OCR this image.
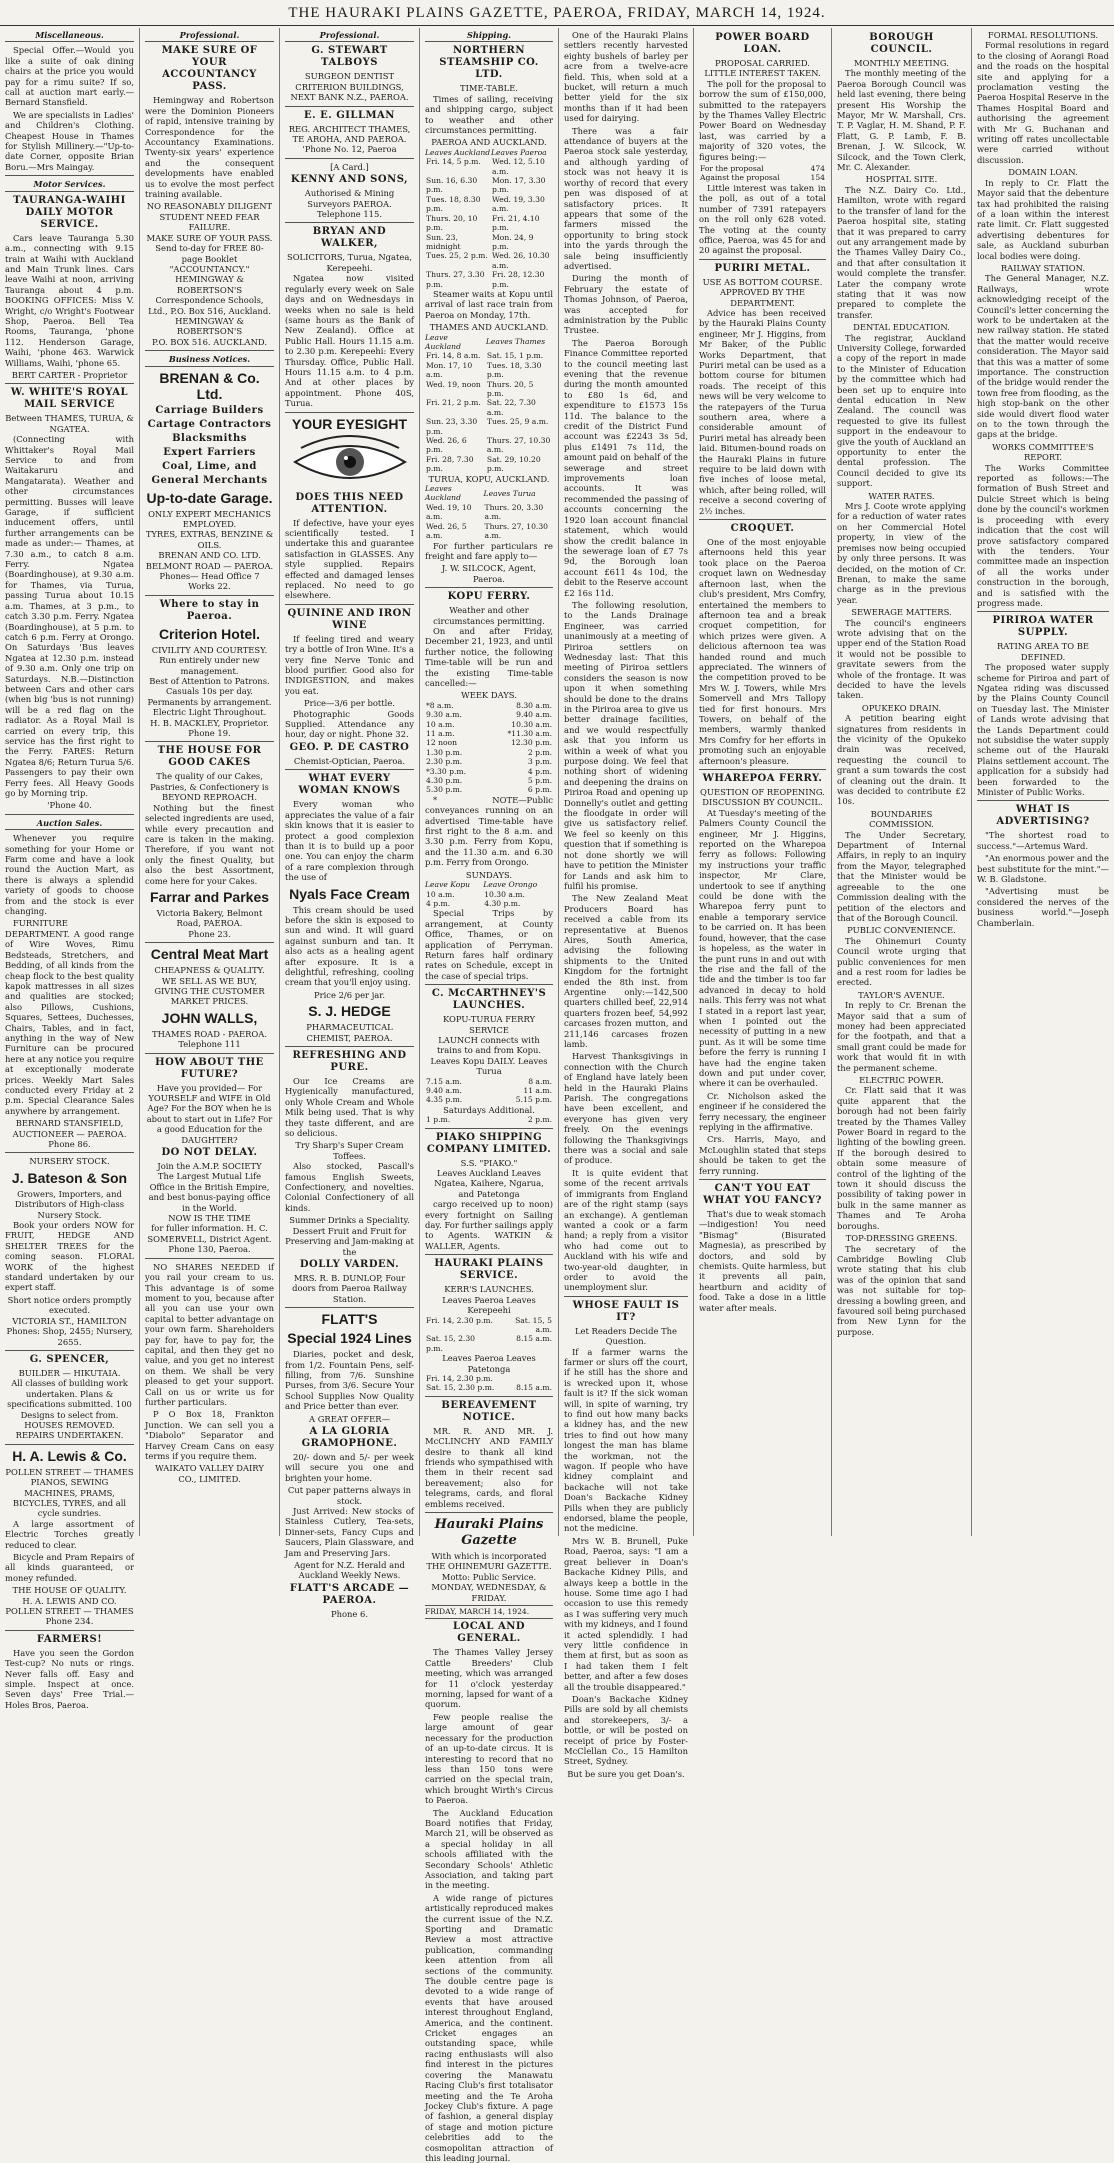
THE HAURAKI PLAINS GAZETTE, PAEROA, FRIDAY, MARCH 14, 1924.
Miscellaneous.
Special Offer.—Would you like a suite of oak dining chairs at the price you would pay for a rimu suite? If so, call at auction mart early.—Bernard Stansfield.
We are specialists in Ladies' and Children's Clothing. Cheapest House in Thames for Stylish Millinery.—"Up-to-date Corner, opposite Brian Boru.—Mrs Maingay.
Motor Services.
TAURANGA-WAIHI DAILY MOTOR SERVICE.
Cars leave Tauranga 5.30 a.m., connecting with 9.15 train at Waihi with Auckland and Main Trunk lines. Cars leave Waihi at noon, arriving Tauranga about 4 p.m. BOOKING OFFICES: Miss V. Wright, c/o Wright's Footwear Shop, Paeroa. Bell Tea Rooms, Tauranga, 'phone 112. Henderson Garage, Waihi, 'phone 463. Warwick Williams, Waihi, 'phone 65.
BERT CARTER - Proprietor
W. WHITE'S ROYAL MAIL SERVICE
Between THAMES, TURUA, & NGATEA.
(Connecting with Whittaker's Royal Mail Service to and from Waitakaruru and Mangatarata). Weather and other circumstances permitting. Busses will leave Garage, if sufficient inducement offers, until further arrangements can be made as under:— Thames, at 7.30 a.m., to catch 8 a.m. Ferry. Ngatea (Boardinghouse), at 9.30 a.m. for Thames, via Turua, passing Turua about 10.15 a.m. Thames, at 3 p.m., to catch 3.30 p.m. Ferry. Ngatea (Boardinghouse), at 5 p.m. to catch 6 p.m. Ferry at Orongo. On Saturdays 'Bus leaves Ngatea at 12.30 p.m. instead of 9.30 a.m. Only one trip on Saturdays. N.B.—Distinction between Cars and other cars (when big 'bus is not running) will be a red flag on the radiator. As a Royal Mail is carried on every trip, this service has the first right to the Ferry. FARES: Return Ngatea 8/6; Return Turua 5/6. Passengers to pay their own Ferry fees. All Heavy Goods go by Morning trip.
'Phone 40.
Auction Sales.
Whenever you require something for your Home or Farm come and have a look round the Auction Mart, as there is always a splendid variety of goods to choose from and the stock is ever changing.
FURNITURE DEPARTMENT. A good range of Wire Woves, Rimu Bedsteads, Stretchers, and Bedding, of all kinds from the cheap flock to the best quality kapok mattresses in all sizes and qualities are stocked; also Pillows, Cushions, Squares, Settees, Duchesses, Chairs, Tables, and in fact, anything in the way of New Furniture can be procured here at any notice you require at exceptionally moderate prices. Weekly Mart Sales conducted every Friday at 2 p.m. Special Clearance Sales anywhere by arrangement.
BERNARD STANSFIELD,
AUCTIONEER — PAEROA.
Phone 86.
NURSERY STOCK.
J. Bateson & Son
Growers, Importers, and Distributors of High-class Nursery Stock.
Book your orders NOW for FRUIT, HEDGE AND SHELTER TREES for the coming season. FLORAL WORK of the highest standard undertaken by our expert staff.
Short notice orders promptly executed.
VICTORIA ST., HAMILTON
Phones: Shop, 2455; Nursery, 2655.
G. SPENCER,
BUILDER — HIKUTAIA.
All classes of building work undertaken. Plans & specifications submitted. 100 Designs to select from. HOUSES REMOVED. REPAIRS UNDERTAKEN.
H. A. Lewis & Co.
POLLEN STREET — THAMES
PIANOS, SEWING MACHINES, PRAMS, BICYCLES, TYRES, and all cycle sundries.
A large assortment of Electric Torches greatly reduced to clear.
Bicycle and Pram Repairs of all kinds guaranteed, or money refunded.
THE HOUSE OF QUALITY.
H. A. LEWIS AND CO.
POLLEN STREET — THAMES
Phone 234.
FARMERS!
Have you seen the Gordon Test-cup? No nuts or rings. Never falls off. Easy and simple. Inspect at once. Seven days' Free Trial.—Holes Bros, Paeroa.
Professional.
MAKE SURE OF YOUR ACCOUNTANCY PASS.
Hemingway and Robertson were the Dominion Pioneers of rapid, intensive training by Correspondence for the Accountancy Examinations. Twenty-six years' experience and the consequent developments have enabled us to evolve the most perfect training available.
NO REASONABLY DILIGENT STUDENT NEED FEAR FAILURE.
MAKE SURE OF YOUR PASS.
Send to-day for FREE 80-page Booklet "ACCOUNTANCY."
HEMINGWAY & ROBERTSON'S
Correspondence Schools, Ltd., P.O. Box 516, Auckland.
HEMINGWAY & ROBERTSON'S
P.O. BOX 516. AUCKLAND.
Business Notices.
BRENAN & Co. Ltd.
Carriage Builders
Cartage Contractors
Blacksmiths
Expert Farriers
Coal, Lime, and
General Merchants
Up-to-date Garage.
ONLY EXPERT MECHANICS EMPLOYED.
TYRES, EXTRAS, BENZINE & OILS.
BRENAN AND CO. LTD.
BELMONT ROAD — PAEROA.
Phones— Head Office 7 Works 22.
Where to stay in Paeroa.
Criterion Hotel.
CIVILITY AND COURTESY.
Run entirely under new management.
Best of Attention to Patrons.
Casuals 10s per day. Permanents by arrangement. Electric Light Throughout.
H. B. MACKLEY, Proprietor. Phone 19.
THE HOUSE FOR GOOD CAKES
The quality of our Cakes, Pastries, & Confectionery is BEYOND REPROACH.
Nothing but the finest selected ingredients are used, while every precaution and care is taken in the making. Therefore, if you want not only the finest Quality, but also the best Assortment, come here for your Cakes.
Farrar and Parkes
Victoria Bakery, Belmont Road, PAEROA.
Phone 23.
Central Meat Mart
CHEAPNESS & QUALITY.
WE SELL AS WE BUY, GIVING THE CUSTOMER MARKET PRICES.
JOHN WALLS,
THAMES ROAD - PAEROA. Telephone 111
HOW ABOUT THE FUTURE?
Have you provided— For YOURSELF and WIFE in Old Age? For the BOY when he is about to start out in Life? For a good Education for the DAUGHTER?
DO NOT DELAY.
Join the A.M.P. SOCIETY
The Largest Mutual Life Office in the British Empire, and best bonus-paying office in the World.
NOW IS THE TIME
for fuller information. H. C. SOMERVELL, District Agent. Phone 130, Paeroa.
NO SHARES NEEDED if you rail your cream to us. This advantage is of some moment to you, because after all you can use your own capital to better advantage on your own farm. Shareholders pay for, have to pay for, the capital, and then they get no value, and you get no interest on them. We shall be very pleased to get your support. Call on us or write us for further particulars.
P O Box 18, Frankton Junction. We can sell you a "Diabolo" Separator and Harvey Cream Cans on easy terms if you require them.
WAIKATO VALLEY DAIRY CO., LIMITED.
Professional.
G. STEWART TALBOYS
SURGEON DENTIST
CRITERION BUILDINGS, NEXT BANK N.Z., PAEROA.
E. E. GILLMAN
REG. ARCHITECT THAMES, TE AROHA, AND PAEROA. 'Phone No. 12, Paeroa
[A Card.]
KENNY AND SONS,
Authorised & Mining Surveyors PAEROA. Telephone 115.
BRYAN AND WALKER,
SOLICITORS, Turua, Ngatea, Kerepeehi.
Ngatea now visited regularly every week on Sale days and on Wednesdays in weeks when no sale is held (same hours as the Bank of New Zealand). Office at Public Hall. Hours 11.15 a.m. to 2.30 p.m. Kerepeehi: Every Thursday. Office, Public Hall. Hours 11.15 a.m. to 4 p.m. And at other places by appointment. Phone 40S, Turua.
YOUR EYESIGHT
DOES THIS NEED ATTENTION.
If defective, have your eyes scientifically tested. I undertake this and guarantee satisfaction in GLASSES. Any style supplied. Repairs effected and damaged lenses replaced. No need to go elsewhere.
QUININE AND IRON WINE
If feeling tired and weary try a bottle of Iron Wine. It's a very fine Nerve Tonic and blood purifier. Good also for INDIGESTION, and makes you eat.
Price—3/6 per bottle.
Photographic Goods Supplied. Attendance any hour, day or night. Phone 32.
GEO. P. DE CASTRO
Chemist-Optician, Paeroa.
WHAT EVERY WOMAN KNOWS
Every woman who appreciates the value of a fair skin knows that it is easier to protect a good complexion than it is to build up a poor one. You can enjoy the charm of a rare complexion through the use of
Nyals Face Cream
This cream should be used before the skin is exposed to sun and wind. It will guard against sunburn and tan. It also acts as a healing agent after exposure. It is a delightful, refreshing, cooling cream that you'll enjoy using.
Price 2/6 per jar.
S. J. HEDGE
PHARMACEUTICAL CHEMIST, PAEROA.
REFRESHING AND PURE.
Our Ice Creams are Hygienically manufactured, only Whole Cream and Whole Milk being used. That is why they taste different, and are so delicious.
Try Sharp's Super Cream Toffees.
Also stocked, Pascall's famous English Sweets, Confectionery, and novelties. Colonial Confectionery of all kinds.
Summer Drinks a Speciality.
Dessert Fruit and Fruit for Preserving and Jam-making at the
DOLLY VARDEN.
MRS. R. B. DUNLOP, Four doors from Paeroa Railway Station.
FLATT'S
Special 1924 Lines
Diaries, pocket and desk, from 1/2. Fountain Pens, self-filling, from 7/6. Sunshine Purses, from 3/6. Secure Your School Supplies Now Quality and Price better than ever.
A GREAT OFFER—
A LA GLORIA GRAMOPHONE.
20/- down and 5/- per week will secure you one and brighten your home.
Cut paper patterns always in stock.
Just Arrived: New stocks of Stainless Cutlery, Tea-sets, Dinner-sets, Fancy Cups and Saucers, Plain Glassware, and Jam and Preserving Jars.
Agent for N.Z. Herald and Auckland Weekly News.
FLATT'S ARCADE — PAEROA.
Phone 6.
Shipping.
NORTHERN STEAMSHIP CO. LTD.
TIME-TABLE.
Times of sailing, receiving and shipping cargo, subject to weather and other circumstances permitting.
PAEROA AND AUCKLAND.
Leaves Auckland	Leaves Paeroa
Fri. 14, 5 p.m.	Wed. 12, 5.10 a.m.
Sun. 16, 6.30 p.m.	Mon. 17, 3.30 p.m.
Tues. 18, 8.30 p.m.	Wed. 19, 3.30 a.m.
Thurs. 20, 10 p.m.	Fri. 21, 4.10 p.m.
Sun. 23, midnight	Mon. 24, 9 p.m.
Tues. 25, 2 p.m.	Wed. 26, 10.30 a.m.
Thurs. 27, 3.30 p.m.	Fri. 28, 12.30 p.m.
Steamer waits at Kopu until arrival of last race train from Paeroa on Monday, 17th.
THAMES AND AUCKLAND.
Leave Auckland	Leaves Thames
Fri. 14, 8 a.m.	Sat. 15, 1 p.m.
Mon. 17, 10 a.m.	Tues. 18, 3.30 p.m.
Wed. 19, noon	Thurs. 20, 5 p.m.
Fri. 21, 2 p.m.	Sat. 22, 7.30 a.m.
Sun. 23, 3.30 p.m.	Tues. 25, 9 a.m.
Wed. 26, 6 p.m.	Thurs. 27, 10.30 a.m.
Fri. 28, 7.30 p.m.	Sat. 29, 10.20 p.m.
TURUA, KOPU, AUCKLAND.
Leaves Auckland	Leaves Turua
Wed. 19, 10 a.m.	Thurs. 20, 3.30 a.m.
Wed. 26, 5 a.m.	Thurs. 27, 10.30 a.m.
For further particulars re freight and fare apply to—
J. W. SILCOCK, Agent, Paeroa.
KOPU FERRY.
Weather and other circumstances permitting.
On and after Friday, December 21, 1923, and until further notice, the following Time-table will be run and the existing Time-table cancelled:—
WEEK DAYS.
*8 a.m.	8.30 a.m.
9.30 a.m.	9.40 a.m.
10 a.m.	10.30 a.m.
11 a.m.	*11.30 a.m.
12 noon	12.30 p.m.
1.30 p.m.	2 p.m.
2.30 p.m.	3 p.m.
*3.30 p.m.	4 p.m.
4.30 p.m.	5 p.m.
5.30 p.m.	6 p.m.
* NOTE—Public conveyances running on an advertised Time-table have first right to the 8 a.m. and 3.30 p.m. Ferry from Kopu, and the 11.30 a.m. and 6.30 p.m. Ferry from Orongo.
SUNDAYS.
Leave Kopu	Leave Orongo
10 a.m.	10.30 a.m.
4 p.m.	4.30 p.m.
Special Trips by arrangement, at County Office, Thames, or on application of Perryman. Return fares half ordinary rates on Schedule, except in the case of special trips.
C. McCARTHNEY'S LAUNCHES.
KOPU-TURUA FERRY SERVICE
LAUNCH connects with trains to and from Kopu.
Leaves Kopu DAILY. Leaves Turua
7.15 a.m.	8 a.m.
9.40 a.m.	11 a.m.
4.35 p.m.	5.15 p.m.
Saturdays Additional.
1 p.m.	2 p.m.
PIAKO SHIPPING COMPANY LIMITED.
S.S. "PIAKO."
Leaves Auckland Leaves Ngatea, Kaihere, Ngarua, and Patetonga
cargo received up to noon) every fortnight on Sailing day. For further sailings apply to Agents. WATKIN & WALLER, Agents.
HAURAKI PLAINS SERVICE.
KERR'S LAUNCHES.
Leaves Paeroa Leaves Kerepeehi
Fri. 14, 2.30 p.m.	Sat. 15, 5 a.m.
Sat. 15, 2.30 p.m.	8.15 a.m.
Leaves Paeroa Leaves Patetonga
Fri. 14, 2.30 p.m.	
Sat. 15, 2.30 p.m.	8.15 a.m.
BEREAVEMENT NOTICE.
MR. R. AND MR. J. McCLINCHY AND FAMILY desire to thank all kind friends who sympathised with them in their recent sad bereavement; also for telegrams, cards, and floral emblems received.
Hauraki Plains Gazette
With which is incorporated THE OHINEMURI GAZETTE.
Motto: Public Service.
MONDAY, WEDNESDAY, & FRIDAY.
FRIDAY, MARCH 14, 1924.
LOCAL AND GENERAL.
The Thames Valley Jersey Cattle Breeders' Club meeting, which was arranged for 11 o'clock yesterday morning, lapsed for want of a quorum.
Few people realise the large amount of gear necessary for the production of an up-to-date circus. It is interesting to record that no less than 150 tons were carried on the special train, which brought Wirth's Circus to Paeroa.
The Auckland Education Board notifies that Friday, March 21, will be observed as a special holiday in all schools affiliated with the Secondary Schools' Athletic Association, and taking part in the meeting.
A wide range of pictures artistically reproduced makes the current issue of the N.Z. Sporting and Dramatic Review a most attractive publication, commanding keen attention from all sections of the community. The double centre page is devoted to a wide range of events that have aroused interest throughout England, America, and the continent. Cricket engages an outstanding space, while racing enthusiasts will also find interest in the pictures covering the Manawatu Racing Club's first totalisator meeting and the Te Aroha Jockey Club's fixture. A page of fashion, a general display of stage and motion picture celebrities add to the cosmopolitan attraction of this leading journal.
One of the Hauraki Plains settlers recently harvested eighty bushels of barley per acre from a twelve-acre field. This, when sold at a bucket, will return a much better yield for the six months than if it had been used for dairying.
There was a fair attendance of buyers at the Paeroa stock sale yesterday, and although yarding of stock was not heavy it is worthy of record that every pen was disposed of at satisfactory prices. It appears that some of the farmers missed the opportunity to bring stock into the yards through the sale being insufficiently advertised.
During the month of February the estate of Thomas Johnson, of Paeroa, was accepted for administration by the Public Trustee.
The Paeroa Borough Finance Committee reported to the council meeting last evening that the revenue during the month amounted to £80 1s 6d, and expenditure to £1573 15s 11d. The balance to the credit of the District Fund account was £2243 3s 5d, plus £1491 7s 11d, the amount paid on behalf of the sewerage and street improvements loan accounts. It was recommended the passing of accounts concerning the 1920 loan account financial statement, which would show the credit balance in the sewerage loan of £7 7s 9d, the Borough loan account £611 4s 10d, the debit to the Reserve account £2 16s 11d.
The following resolution, to the Lands Drainage Engineer, was carried unanimously at a meeting of Piriroa settlers on Wednesday last: That this meeting of Piriroa settlers considers the season is now upon it when something should be done to the drains in the Piriroa area to give us better drainage facilities, and we would respectfully ask that you inform us within a week of what you purpose doing. We feel that nothing short of widening and deepening the drains on Piriroa Road and opening up Donnelly's outlet and getting the floodgate in order will give us satisfactory relief. We feel so keenly on this question that if something is not done shortly we will have to petition the Minister for Lands and ask him to fulfil his promise.
The New Zealand Meat Producers Board has received a cable from its representative at Buenos Aires, South America, advising the following shipments to the United Kingdom for the fortnight ended the 8th inst. from Argentine only:—142,500 quarters chilled beef, 22,914 quarters frozen beef, 54,992 carcases frozen mutton, and 211,146 carcases frozen lamb.
Harvest Thanksgivings in connection with the Church of England have lately been held in the Hauraki Plains Parish. The congregations have been excellent, and everyone has given very freely. On the evenings following the Thanksgivings there was a social and sale of produce.
It is quite evident that some of the recent arrivals of immigrants from England are of the right stamp (says an exchange). A gentleman wanted a cook or a farm hand; a reply from a visitor who had come out to Auckland with his wife and two-year-old daughter, in order to avoid the unemployment slur.
WHOSE FAULT IS IT?
Let Readers Decide The Question.
If a farmer warns the farmer or slurs off the court, if he still has the shore and is wrecked upon it, whose fault is it? If the sick woman will, in spite of warning, try to find out how many backs a kidney has, and the new tries to find out how many longest the man has blame the workman, not the wagon. If people who have kidney complaint and backache will not take Doan's Backache Kidney Pills when they are publicly endorsed, blame the people, not the medicine.
Mrs W. B. Brunell, Puke Road, Paeroa, says: "I am a great believer in Doan's Backache Kidney Pills, and always keep a bottle in the house. Some time ago I had occasion to use this remedy as I was suffering very much with my kidneys, and I found it acted splendidly. I had very little confidence in them at first, but as soon as I had taken them I felt better, and after a few doses all the trouble disappeared."
Doan's Backache Kidney Pills are sold by all chemists and storekeepers, 3/- a bottle, or will be posted on receipt of price by Foster-McClellan Co., 15 Hamilton Street, Sydney.
But be sure you get Doan's.
POWER BOARD LOAN.
PROPOSAL CARRIED.
LITTLE INTEREST TAKEN.
The poll for the proposal to borrow the sum of £150,000, submitted to the ratepayers by the Thames Valley Electric Power Board on Wednesday last, was carried by a majority of 320 votes, the figures being:—
For the proposal	474
Against the proposal	154
Little interest was taken in the poll, as out of a total number of 7391 ratepayers on the roll only 628 voted. The voting at the county office, Paeroa, was 45 for and 20 against the proposal.
PURIRI METAL.
USE AS BOTTOM COURSE.
APPROVED BY THE DEPARTMENT.
Advice has been received by the Hauraki Plains County engineer, Mr J. Higgins, from Mr Baker, of the Public Works Department, that Puriri metal can be used as a bottom course for bitumen roads. The receipt of this news will be very welcome to the ratepayers of the Turua southern area, where a considerable amount of Puriri metal has already been laid. Bitumen-bound roads on the Hauraki Plains in future require to be laid down with five inches of loose metal, which, after being rolled, will receive a second covering of 2½ inches.
CROQUET.
One of the most enjoyable afternoons held this year took place on the Paeroa croquet lawn on Wednesday afternoon last, when the club's president, Mrs Comfry, entertained the members to afternoon tea and a break croquet competition, for which prizes were given. A delicious afternoon tea was handed round and much appreciated. The winners of the competition proved to be Mrs W. J. Towers, while Mrs Somervell and Mrs Tallopy tied for first honours. Mrs Towers, on behalf of the members, warmly thanked Mrs Comfry for her efforts in promoting such an enjoyable afternoon's pleasure.
WHAREPOA FERRY.
QUESTION OF REOPENING.
DISCUSSION BY COUNCIL.
At Tuesday's meeting of the Palmers County Council the engineer, Mr J. Higgins, reported on the Wharepoa ferry as follows: Following my instructions your traffic inspector, Mr Clare, undertook to see if anything could be done with the Wharepoa ferry punt to enable a temporary service to be carried on. It has been found, however, that the case is hopeless, as the water in the punt runs in and out with the rise and the fall of the tide and the timber is too far advanced in decay to hold nails. This ferry was not what I stated in a report last year, when I pointed out the necessity of putting in a new punt. As it will be some time before the ferry is running I have had the engine taken down and put under cover, where it can be overhauled.
Cr. Nicholson asked the engineer if he considered the ferry necessary, the engineer replying in the affirmative.
Crs. Harris, Mayo, and McLoughlin stated that steps should be taken to get the ferry running.
CAN'T YOU EAT WHAT YOU FANCY?
That's due to weak stomach—indigestion! You need "Bismag" (Bisurated Magnesia), as prescribed by doctors, and sold by chemists. Quite harmless, but it prevents all pain, heartburn and acidity of food. Take a dose in a little water after meals.
BOROUGH COUNCIL.
MONTHLY MEETING.
The monthly meeting of the Paeroa Borough Council was held last evening, there being present His Worship the Mayor, Mr W. Marshall, Crs. T. P. Vaglar, H. M. Shand, P. F. Flatt, G. P. Lamb, F. B. Brenan, J. W. Silcock, W. Silcock, and the Town Clerk, Mr. C. Alexander.
HOSPITAL SITE.
The N.Z. Dairy Co. Ltd., Hamilton, wrote with regard to the transfer of land for the Paeroa hospital site, stating that it was prepared to carry out any arrangement made by the Thames Valley Dairy Co., and that after consultation it would complete the transfer. Later the company wrote stating that it was now prepared to complete the transfer.
DENTAL EDUCATION.
The registrar, Auckland University College, forwarded a copy of the report in made to the Minister of Education by the committee which had been set up to enquire into dental education in New Zealand. The council was requested to give its fullest support in the endeavour to give the youth of Auckland an opportunity to enter the dental profession. The Council decided to give its support.
WATER RATES.
Mrs J. Coote wrote applying for a reduction of water rates on her Commercial Hotel property, in view of the premises now being occupied by only three persons. It was decided, on the motion of Cr. Brenan, to make the same charge as in the previous year.
SEWERAGE MATTERS.
The council's engineers wrote advising that on the upper end of the Station Road it would not be possible to gravitate sewers from the whole of the frontage. It was decided to have the levels taken.
OPUKEKO DRAIN.
A petition bearing eight signatures from residents in the vicinity of the Opukeko drain was received, requesting the council to grant a sum towards the cost of cleaning out the drain. It was decided to contribute £2 10s.
BOUNDARIES COMMISSION.
The Under Secretary, Department of Internal Affairs, in reply to an inquiry from the Mayor, telegraphed that the Minister would be agreeable to the one Commission dealing with the petition of the electors and that of the Borough Council.
PUBLIC CONVENIENCE.
The Ohinemuri County Council wrote urging that public conveniences for men and a rest room for ladies be erected.
TAYLOR'S AVENUE.
In reply to Cr. Brenan the Mayor said that a sum of money had been appreciated for the footpath, and that a small grant could be made for work that would fit in with the permanent scheme.
ELECTRIC POWER.
Cr. Flatt said that it was quite apparent that the borough had not been fairly treated by the Thames Valley Power Board in regard to the lighting of the bowling green. If the borough desired to obtain some measure of control of the lighting of the town it should discuss the possibility of taking power in bulk in the same manner as Thames and Te Aroha boroughs.
TOP-DRESSING GREENS.
The secretary of the Cambridge Bowling Club wrote stating that his club was of the opinion that sand was not suitable for top-dressing a bowling green, and favoured soil being purchased from New Lynn for the purpose.
FORMAL RESOLUTIONS.
Formal resolutions in regard to the closing of Aorangi Road and the roads on the hospital site and applying for a proclamation vesting the Paeroa Hospital Reserve in the Thames Hospital Board and authorising the agreement with Mr G. Buchanan and writing off rates uncollectable were carried without discussion.
DOMAIN LOAN.
In reply to Cr. Flatt the Mayor said that the debenture tax had prohibited the raising of a loan within the interest rate limit. Cr. Flatt suggested advertising debentures for sale, as Auckland suburban local bodies were doing.
RAILWAY STATION.
The General Manager, N.Z. Railways, wrote acknowledging receipt of the Council's letter concerning the work to be undertaken at the new railway station. He stated that the matter would receive consideration. The Mayor said that this was a matter of some importance. The construction of the bridge would render the town free from flooding, as the high stop-bank on the other side would divert flood water on to the town through the gaps at the bridge.
WORKS COMMITTEE'S REPORT.
The Works Committee reported as follows:—The formation of Bush Street and Dulcie Street which is being done by the council's workmen is proceeding with every indication that the cost will prove satisfactory compared with the tenders. Your committee made an inspection of all the works under construction in the borough, and is satisfied with the progress made.
PIRIROA WATER SUPPLY.
RATING AREA TO BE DEFINED.
The proposed water supply scheme for Piriroa and part of Ngatea riding was discussed by the Plains County Council on Tuesday last. The Minister of Lands wrote advising that the Lands Department could not subsidise the water supply scheme out of the Hauraki Plains settlement account. The application for a subsidy had been forwarded to the Minister of Public Works.
WHAT IS ADVERTISING?
"The shortest road to success."—Artemus Ward.
"An enormous power and the best substitute for the mint."—W. B. Gladstone.
"Advertising must be considered the nerves of the business world."—Joseph Chamberlain.
